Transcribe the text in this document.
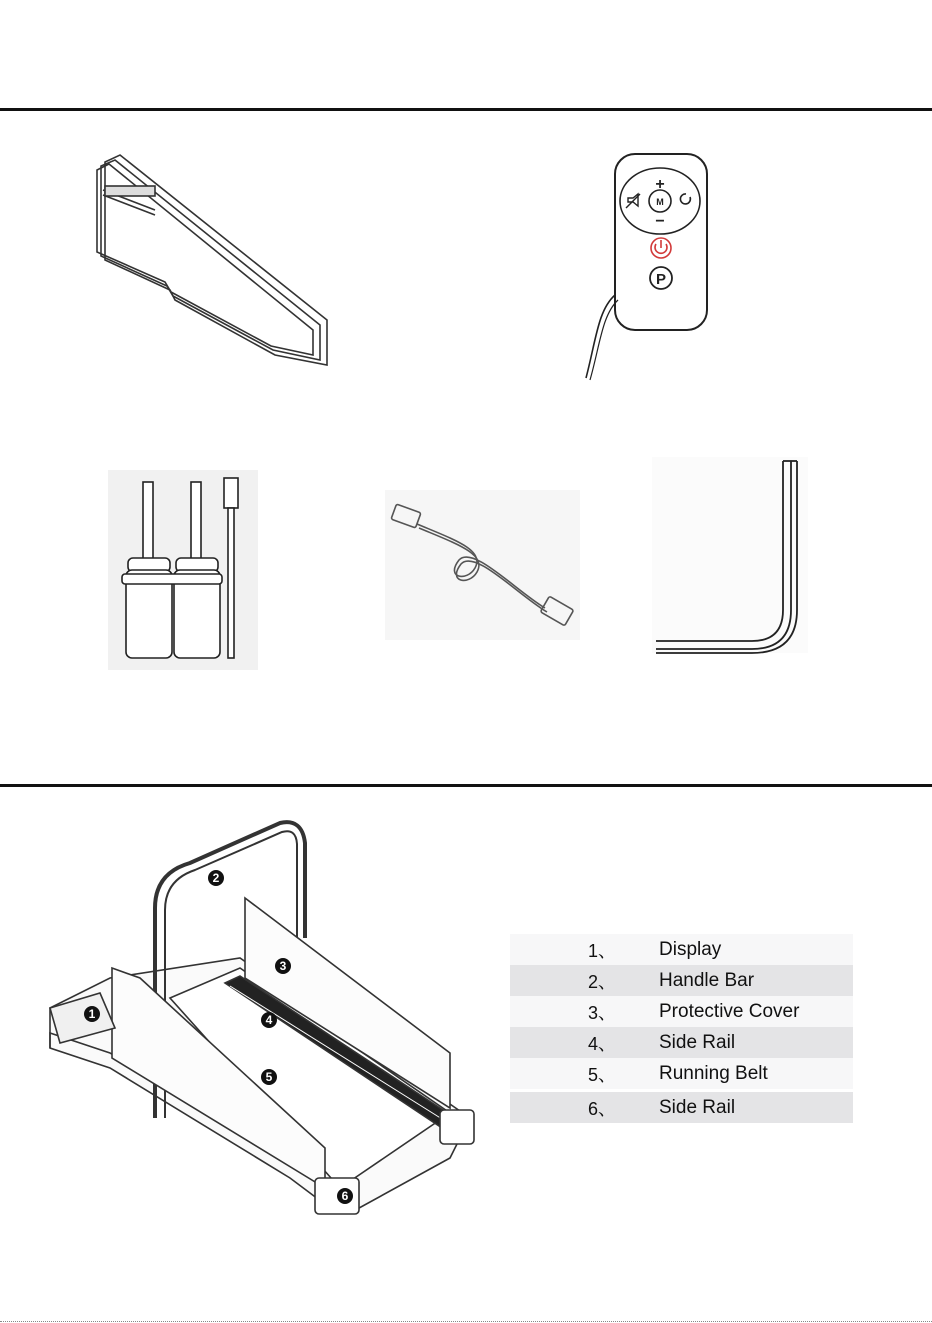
M
+
−
P
1
2
3
4
5
6
1、 Display
2、 Handle Bar
3、 Protective Cover
4、 Side Rail
5、 Running Belt
6、 Side Rail
